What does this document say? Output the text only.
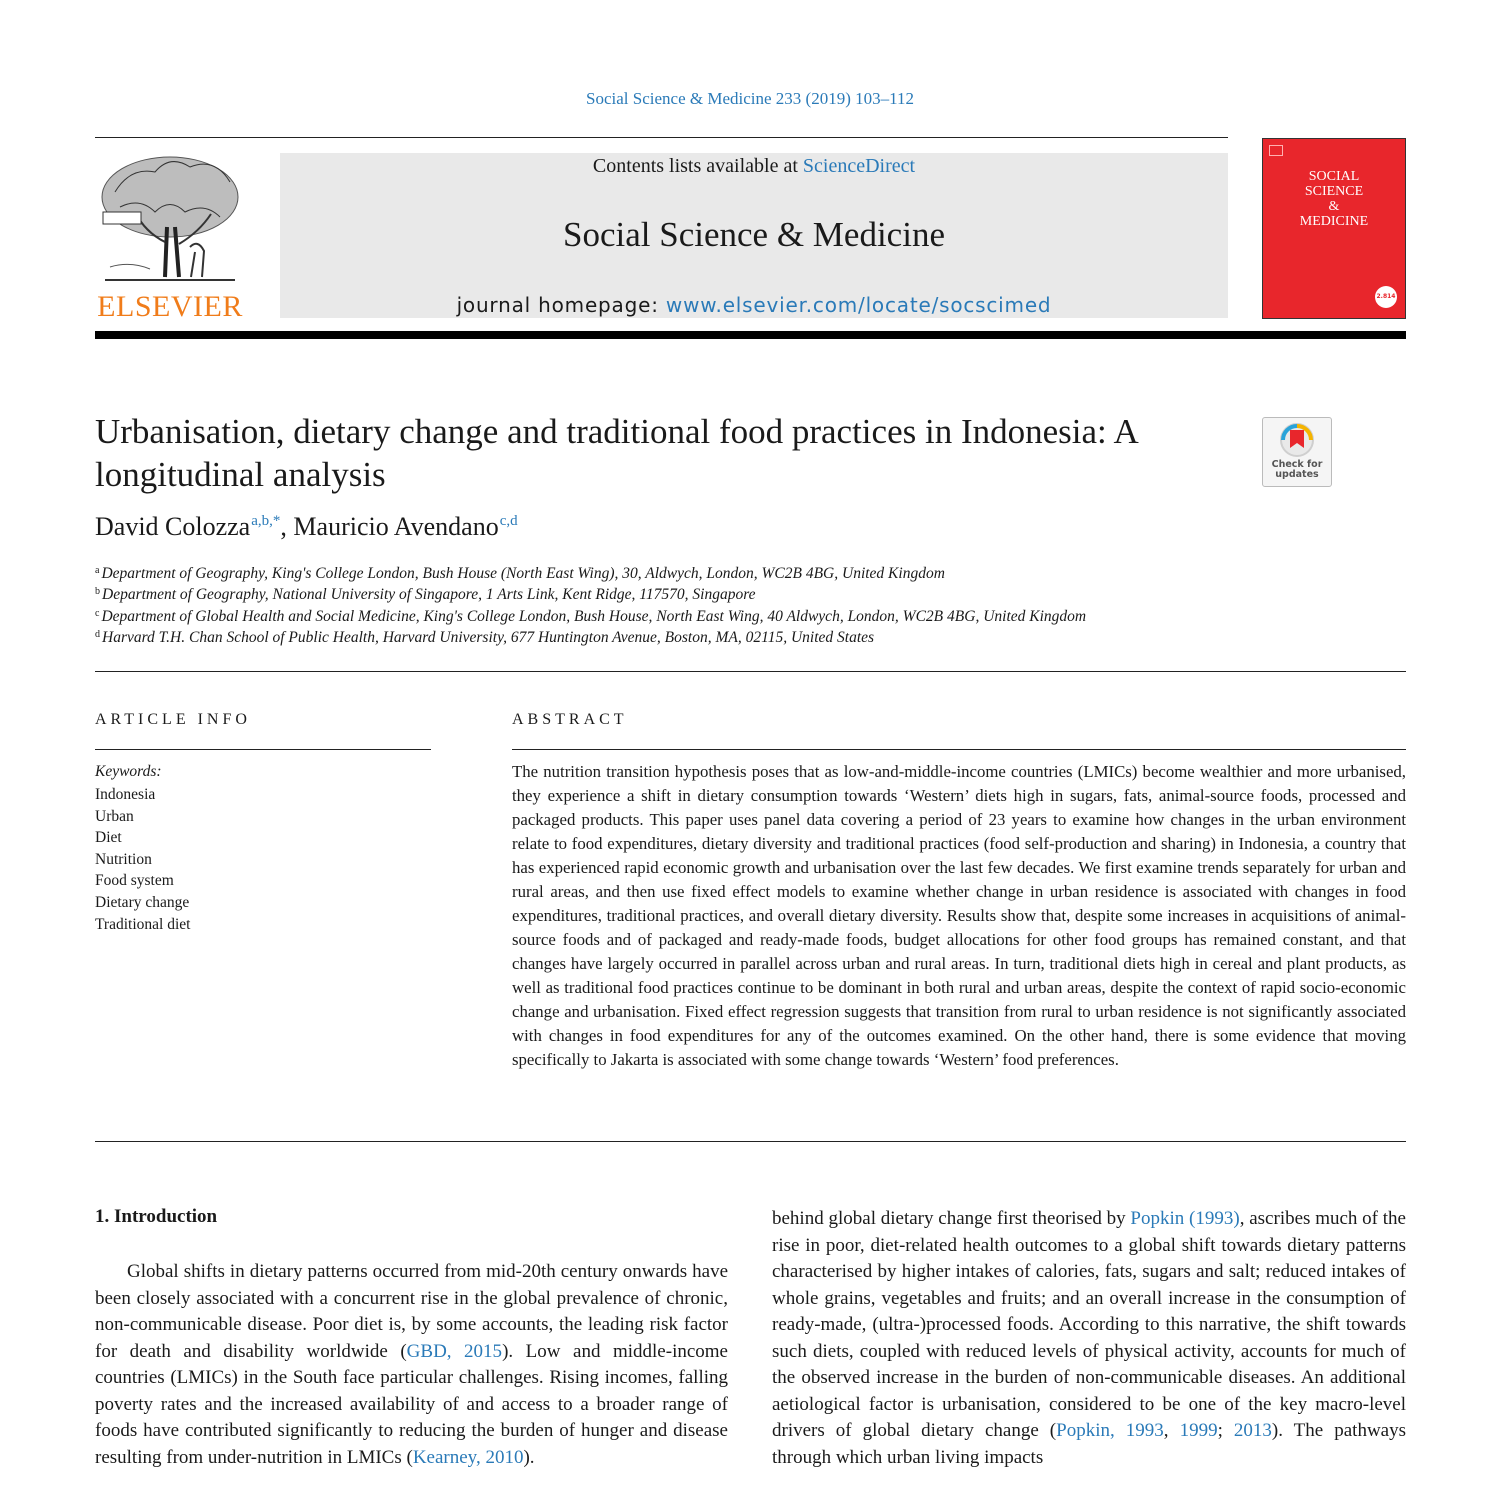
Social Science & Medicine 233 (2019) 103–112
ELSEVIER
Contents lists available at ScienceDirect
Social Science & Medicine
journal homepage: www.elsevier.com/locate/socscimed
SOCIAL
SCIENCE
&
MEDICINE
2.814
Urbanisation, dietary change and traditional food practices in Indonesia: A longitudinal analysis	Check for
updates
David Colozza$^{a,b,*}$, Mauricio Avendano$^{c,d}$
$^a$ Department of Geography, King's College London, Bush House (North East Wing), 30, Aldwych, London, WC2B 4BG, United Kingdom
$^b$ Department of Geography, National University of Singapore, 1 Arts Link, Kent Ridge, 117570, Singapore
$^c$ Department of Global Health and Social Medicine, King's College London, Bush House, North East Wing, 40 Aldwych, London, WC2B 4BG, United Kingdom
$^d$ Harvard T.H. Chan School of Public Health, Harvard University, 677 Huntington Avenue, Boston, MA, 02115, United States
ARTICLE INFO
Keywords:
Indonesia
Urban
Diet
Nutrition
Food system
Dietary change
Traditional diet
ABSTRACT
The nutrition transition hypothesis poses that as low-and-middle-income countries (LMICs) become wealthier and more urbanised, they experience a shift in dietary consumption towards ‘Western’ diets high in sugars, fats, animal-source foods, processed and packaged products. This paper uses panel data covering a period of 23 years to examine how changes in the urban environment relate to food expenditures, dietary diversity and traditional practices (food self-production and sharing) in Indonesia, a country that has experienced rapid economic growth and urbanisation over the last few decades. We first examine trends separately for urban and rural areas, and then use fixed effect models to examine whether change in urban residence is associated with changes in food expenditures, traditional practices, and overall dietary diversity. Results show that, despite some increases in acquisitions of animal-source foods and of packaged and ready-made foods, budget allocations for other food groups has remained constant, and that changes have largely occurred in parallel across urban and rural areas. In turn, traditional diets high in cereal and plant products, as well as traditional food practices continue to be dominant in both rural and urban areas, despite the context of rapid socio-economic change and urbanisation. Fixed effect regression suggests that transition from rural to urban residence is not significantly associated with changes in food expenditures for any of the outcomes examined. On the other hand, there is some evidence that moving specifically to Jakarta is associated with some change towards ‘Western’ food preferences.
1. Introduction

Global shifts in dietary patterns occurred from mid-20th century onwards have been closely associated with a concurrent rise in the global prevalence of chronic, non-communicable disease. Poor diet is, by some accounts, the leading risk factor for death and disability worldwide (GBD, 2015). Low and middle-income countries (LMICs) in the South face particular challenges. Rising incomes, falling poverty rates and the increased availability of and access to a broader range of foods have contributed significantly to reducing the burden of hunger and disease resulting from under-nutrition in LMICs (Kearney, 2010).

behind global dietary change first theorised by Popkin (1993), ascribes much of the rise in poor, diet-related health outcomes to a global shift towards dietary patterns characterised by higher intakes of calories, fats, sugars and salt; reduced intakes of whole grains, vegetables and fruits; and an overall increase in the consumption of ready-made, (ultra-)processed foods. According to this narrative, the shift towards such diets, coupled with reduced levels of physical activity, accounts for much of the observed increase in the burden of non-communicable diseases. An additional aetiological factor is urbanisation, considered to be one of the key macro-level drivers of global dietary change (Popkin, 1993, 1999; 2013). The pathways through which urban living impacts
